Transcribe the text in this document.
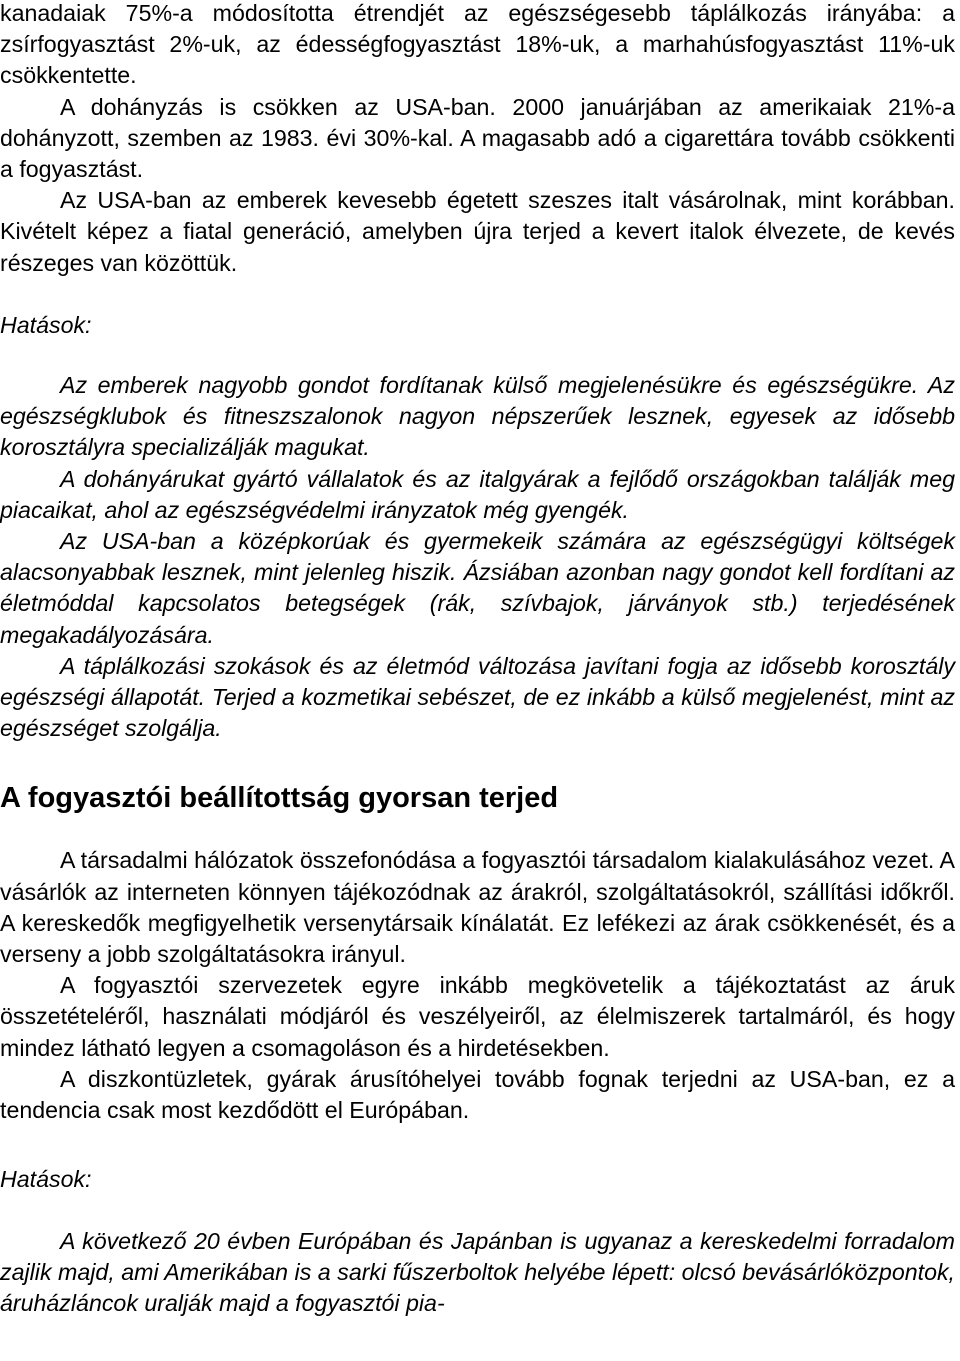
kanadaiak 75%-a módosította étrendjét az egészségesebb táplálkozás irányába: a zsírfogyasztást 2%-uk, az édességfogyasztást 18%-uk, a marhahúsfogyasztást 11%-uk csökkentette.

A dohányzás is csökken az USA-ban. 2000 januárjában az amerikaiak 21%-a dohányzott, szemben az 1983. évi 30%-kal. A magasabb adó a cigarettára tovább csökkenti a fogyasztást.

Az USA-ban az emberek kevesebb égetett szeszes italt vásárolnak, mint korábban. Kivételt képez a fiatal generáció, amelyben újra terjed a kevert italok élvezete, de kevés részeges van közöttük.

Hatások:

Az emberek nagyobb gondot fordítanak külső megjelenésükre és egészségükre. Az egészségklubok és fitneszszalonok nagyon népszerűek lesznek, egyesek az idősebb korosztályra specializálják magukat.

A dohányárukat gyártó vállalatok és az italgyárak a fejlődő országokban találják meg piacaikat, ahol az egészségvédelmi irányzatok még gyengék.

Az USA-ban a középkorúak és gyermekeik számára az egészségügyi költségek alacsonyabbak lesznek, mint jelenleg hiszik. Ázsiában azonban nagy gondot kell fordítani az életmóddal kapcsolatos betegségek (rák, szívbajok, járványok stb.) terjedésének megakadályozására.

A táplálkozási szokások és az életmód változása javítani fogja az idősebb korosztály egészségi állapotát. Terjed a kozmetikai sebészet, de ez inkább a külső megjelenést, mint az egészséget szolgálja.

A fogyasztói beállítottság gyorsan terjed

A társadalmi hálózatok összefonódása a fogyasztói társadalom kialakulásához vezet. A vásárlók az interneten könnyen tájékozódnak az árakról, szolgáltatásokról, szállítási időkről. A kereskedők megfigyelhetik versenytársaik kínálatát. Ez lefékezi az árak csökkenését, és a verseny a jobb szolgáltatásokra irányul.

A fogyasztói szervezetek egyre inkább megkövetelik a tájékoztatást az áruk összetételéről, használati módjáról és veszélyeiről, az élelmiszerek tartalmáról, és hogy mindez látható legyen a csomagoláson és a hirdetésekben.

A diszkontüzletek, gyárak árusítóhelyei tovább fognak terjedni az USA-ban, ez a tendencia csak most kezdődött el Európában.

Hatások:

A következő 20 évben Európában és Japánban is ugyanaz a kereskedelmi forradalom zajlik majd, ami Amerikában is a sarki fűszerboltok helyébe lépett: olcsó bevásárlóközpontok, áruházláncok uralják majd a fogyasztói pia-
